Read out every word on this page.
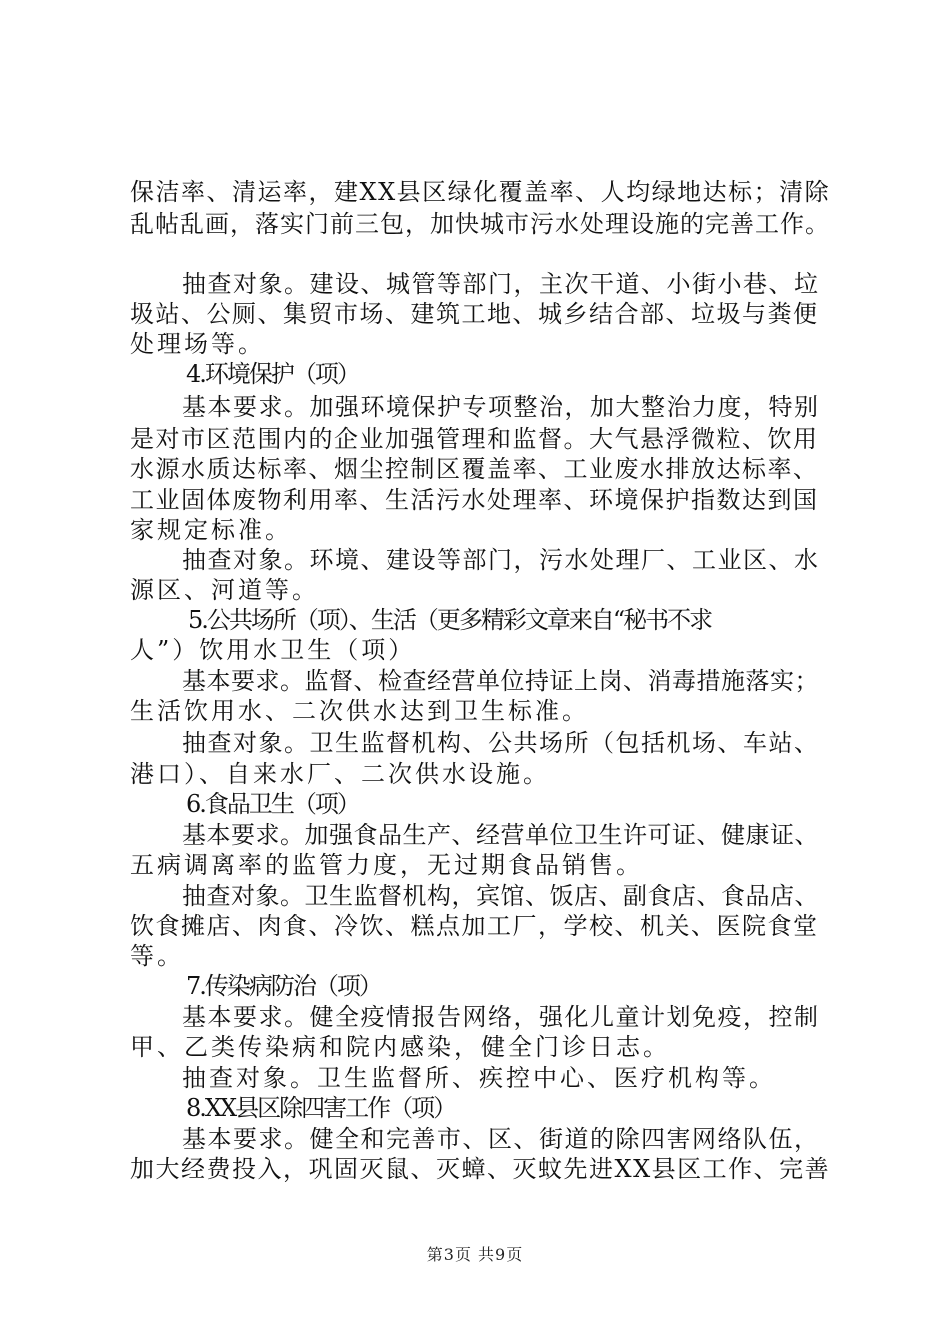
保洁率、清运率，建XX县区绿化覆盖率、人均绿地达标；清除
乱帖乱画，落实门前三包，加快城市污水处理设施的完善工作。
抽查对象。建设、城管等部门，主次干道、小街小巷、垃
圾站、公厕、集贸市场、建筑工地、城乡结合部、垃圾与粪便
处理场等。
4.环境保护（项）
基本要求。加强环境保护专项整治，加大整治力度，特别
是对市区范围内的企业加强管理和监督。大气悬浮微粒、饮用
水源水质达标率、烟尘控制区覆盖率、工业废水排放达标率、
工业固体废物利用率、生活污水处理率、环境保护指数达到国
家规定标准。
抽查对象。环境、建设等部门，污水处理厂、工业区、水
源区、河道等。
5.公共场所（项）、生活（更多精彩文章来自“秘书不求
人”）饮用水卫生（项）
基本要求。监督、检查经营单位持证上岗、消毒措施落实；
生活饮用水、二次供水达到卫生标准。
抽查对象。卫生监督机构、公共场所（包括机场、车站、
港口）、自来水厂、二次供水设施。
6.食品卫生（项）
基本要求。加强食品生产、经营单位卫生许可证、健康证、
五病调离率的监管力度，无过期食品销售。
抽查对象。卫生监督机构，宾馆、饭店、副食店、食品店、
饮食摊店、肉食、冷饮、糕点加工厂，学校、机关、医院食堂
等。
7.传染病防治（项）
基本要求。健全疫情报告网络，强化儿童计划免疫，控制
甲、乙类传染病和院内感染，健全门诊日志。
抽查对象。卫生监督所、疾控中心、医疗机构等。
8.XX县区除四害工作（项）
基本要求。健全和完善市、区、街道的除四害网络队伍，
加大经费投入，巩固灭鼠、灭蟑、灭蚊先进XX县区工作、完善
第3页 共9页
